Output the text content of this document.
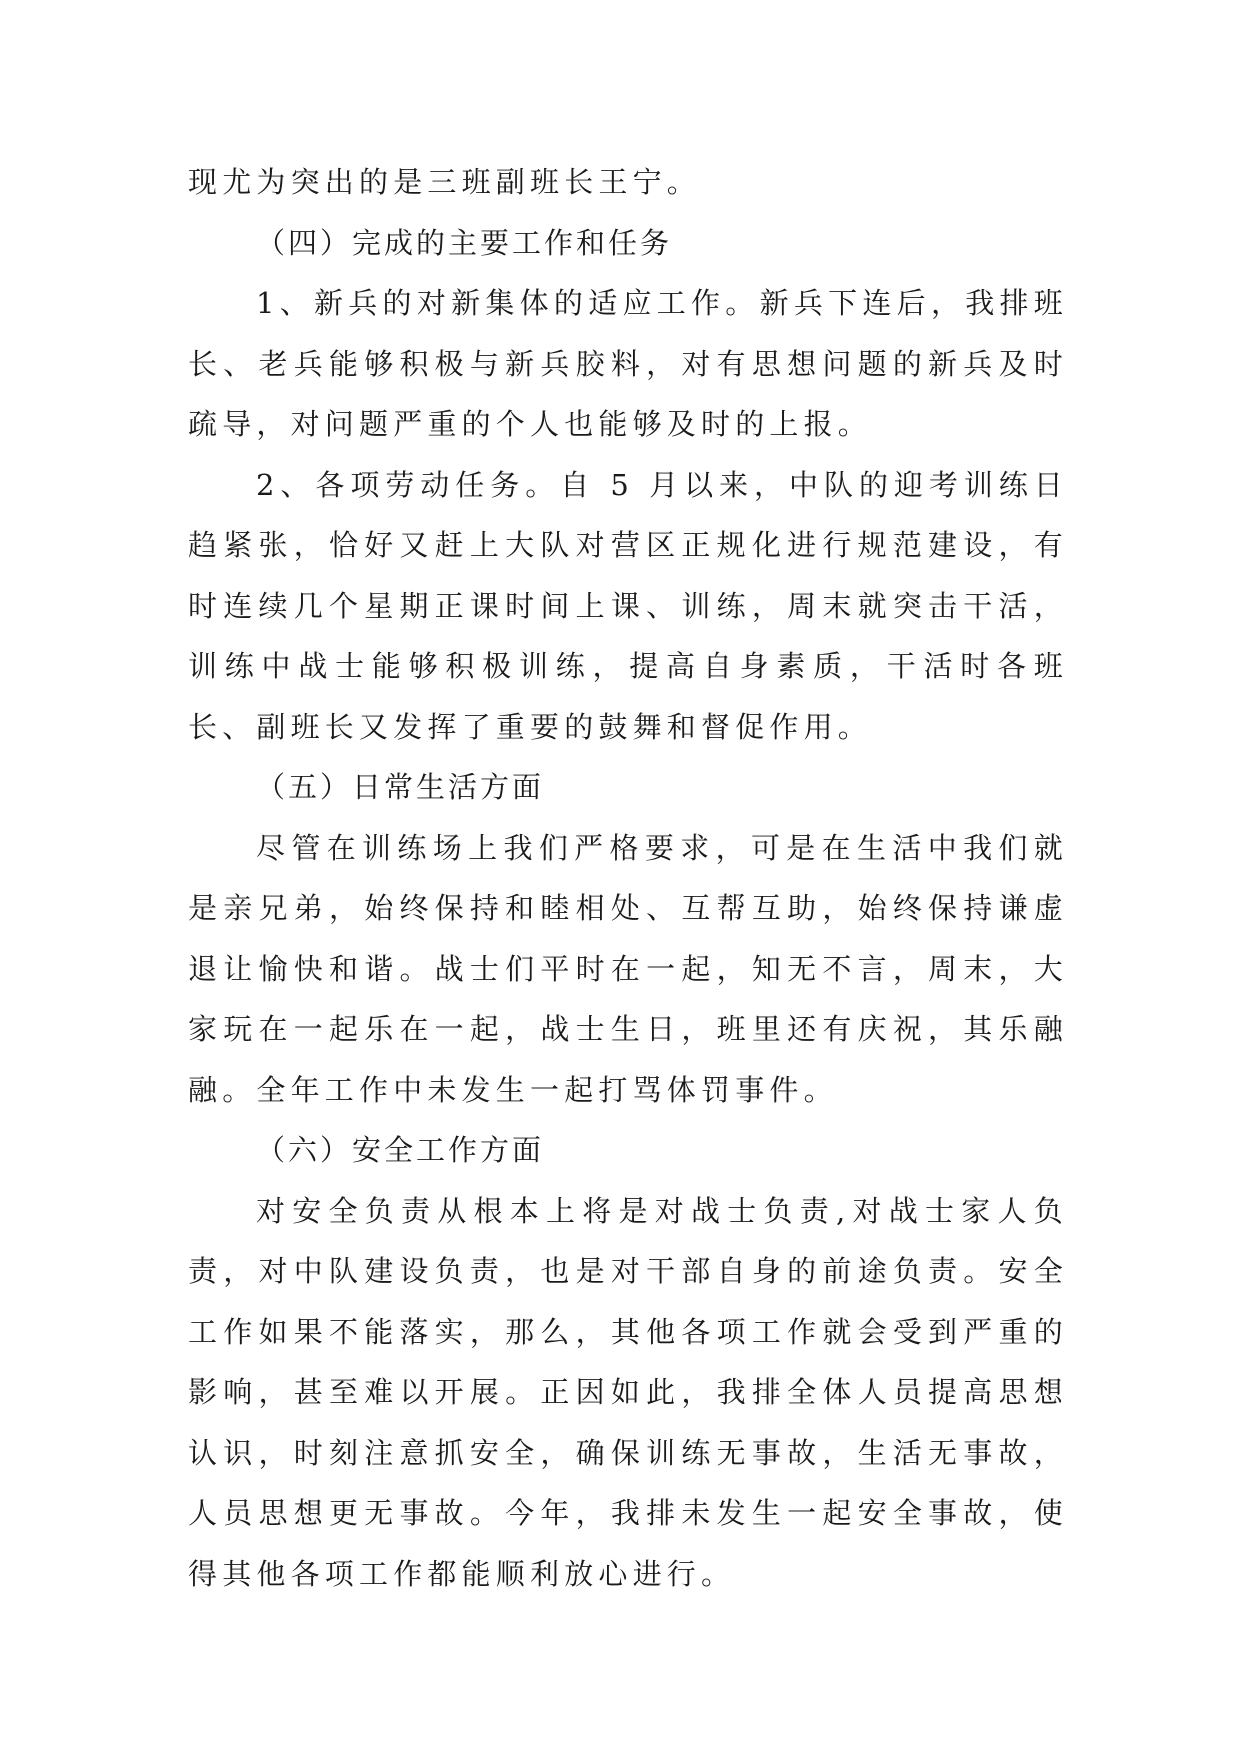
现尤为突出的是三班副班长王宁。

（四）完成的主要工作和任务

1、新兵的对新集体的适应工作。新兵下连后，我排班长、老兵能够积极与新兵胶料，对有思想问题的新兵及时疏导，对问题严重的个人也能够及时的上报。

2、各项劳动任务。自 5 月以来，中队的迎考训练日趋紧张，恰好又赶上大队对营区正规化进行规范建设，有时连续几个星期正课时间上课、训练，周末就突击干活，训练中战士能够积极训练，提高自身素质，干活时各班长、副班长又发挥了重要的鼓舞和督促作用。

（五）日常生活方面

尽管在训练场上我们严格要求，可是在生活中我们就是亲兄弟，始终保持和睦相处、互帮互助，始终保持谦虚退让愉快和谐。战士们平时在一起，知无不言，周末，大家玩在一起乐在一起，战士生日，班里还有庆祝，其乐融融。全年工作中未发生一起打骂体罚事件。

（六）安全工作方面

对安全负责从根本上将是对战士负责,对战士家人负责，对中队建设负责，也是对干部自身的前途负责。安全工作如果不能落实，那么，其他各项工作就会受到严重的影响，甚至难以开展。正因如此，我排全体人员提高思想认识，时刻注意抓安全，确保训练无事故，生活无事故，人员思想更无事故。今年，我排未发生一起安全事故，使得其他各项工作都能顺利放心进行。
